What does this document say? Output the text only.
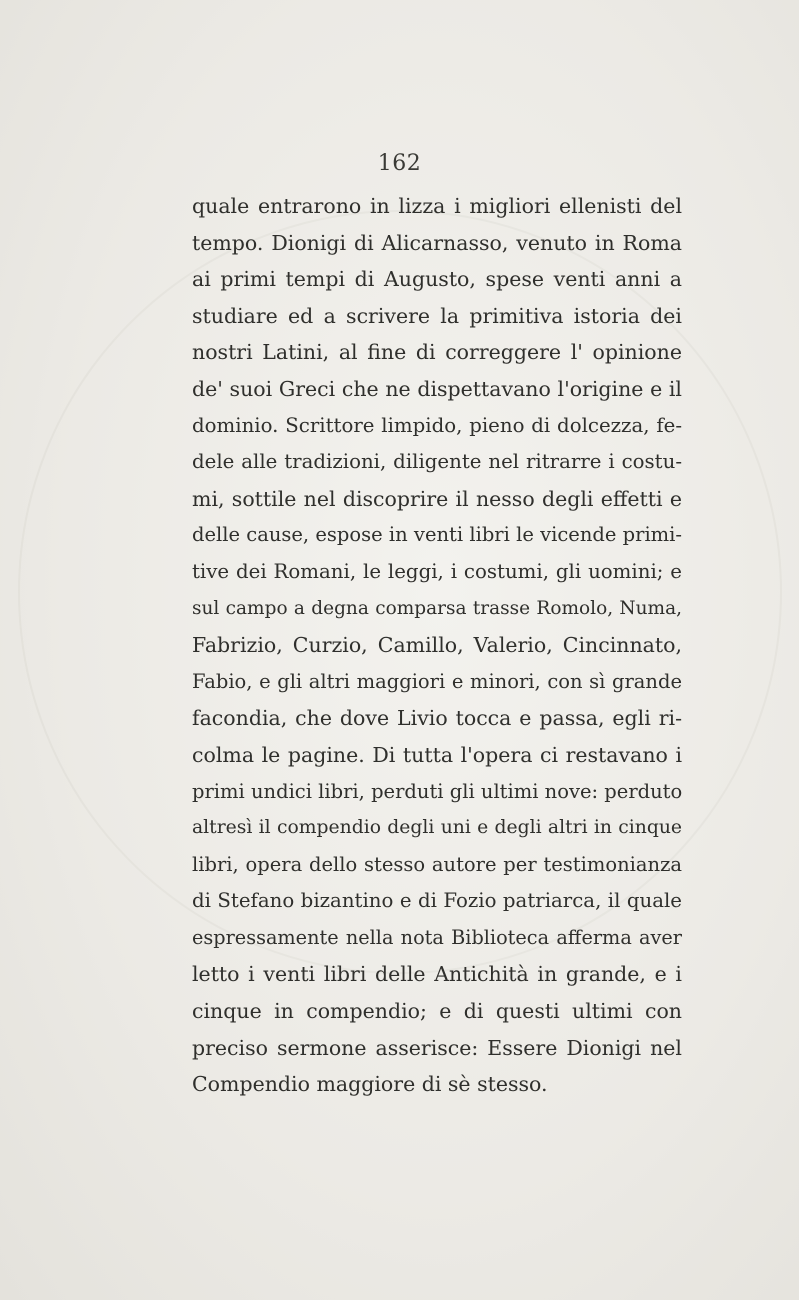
162
quale entrarono in lizza i migliori ellenisti del
tempo. Dionigi di Alicarnasso, venuto in Roma
ai primi tempi di Augusto, spese venti anni a
studiare ed a scrivere la primitiva istoria dei
nostri Latini, al fine di correggere l' opinione
de' suoi Greci che ne dispettavano l'origine e il
dominio. Scrittore limpido, pieno di dolcezza, fe-
dele alle tradizioni, diligente nel ritrarre i costu-
mi, sottile nel discoprire il nesso degli effetti e
delle cause, espose in venti libri le vicende primi-
tive dei Romani, le leggi, i costumi, gli uomini; e
sul campo a degna comparsa trasse Romolo, Numa,
Fabrizio, Curzio, Camillo, Valerio, Cincinnato,
Fabio, e gli altri maggiori e minori, con sì grande
facondia, che dove Livio tocca e passa, egli ri-
colma le pagine. Di tutta l'opera ci restavano i
primi undici libri, perduti gli ultimi nove: perduto
altresì il compendio degli uni e degli altri in cinque
libri, opera dello stesso autore per testimonianza
di Stefano bizantino e di Fozio patriarca, il quale
espressamente nella nota Biblioteca afferma aver
letto i venti libri delle Antichità in grande, e i
cinque in compendio; e di questi ultimi con
preciso sermone asserisce: Essere Dionigi nel
Compendio maggiore di sè stesso.
